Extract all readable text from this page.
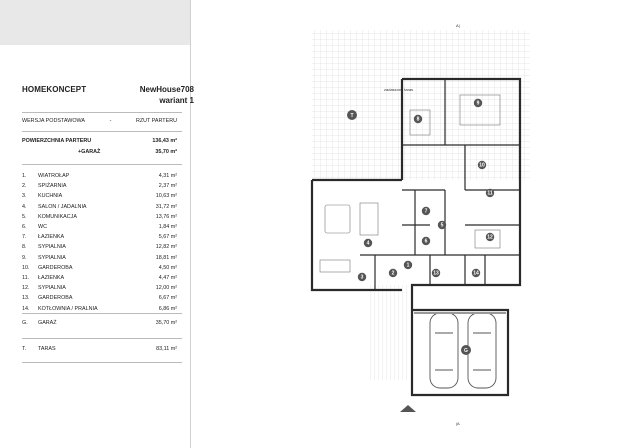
HOMEKONCEPT	NewHouse708
wariant 1
WERSJA PODSTAWOWA	-	RZUT PARTERU
POWIERZCHNIA PARTERU	136,43 m²
+GARAŻ	35,70 m²
1.	WIATROŁAP	4,31 m²
2.	SPIŻARNIA	2,37 m²
3.	KUCHNIA	10,63 m²
4.	SALON / JADALNIA	31,72 m²
5.	KOMUNIKACJA	13,76 m²
6.	WC	1,84 m²
7.	ŁAZIENKA	5,67 m²
8.	SYPIALNIA	12,82 m²
9.	SYPIALNIA	18,81 m²
10.	GARDEROBA	4,50 m²
11.	ŁAZIENKA	4,47 m²
12.	SYPIALNIA	12,00 m²
13.	GARDEROBA	6,67 m²
14.	KOTŁOWNIA / PRALNIA	6,86 m²
G.	GARAŻ	35,70 m²
T.	TARAS	83,11 m²
T
zadaszony taras
G
A|
|A
1
2
3
4
5
6
7
8
9
10
11
12
13	14
